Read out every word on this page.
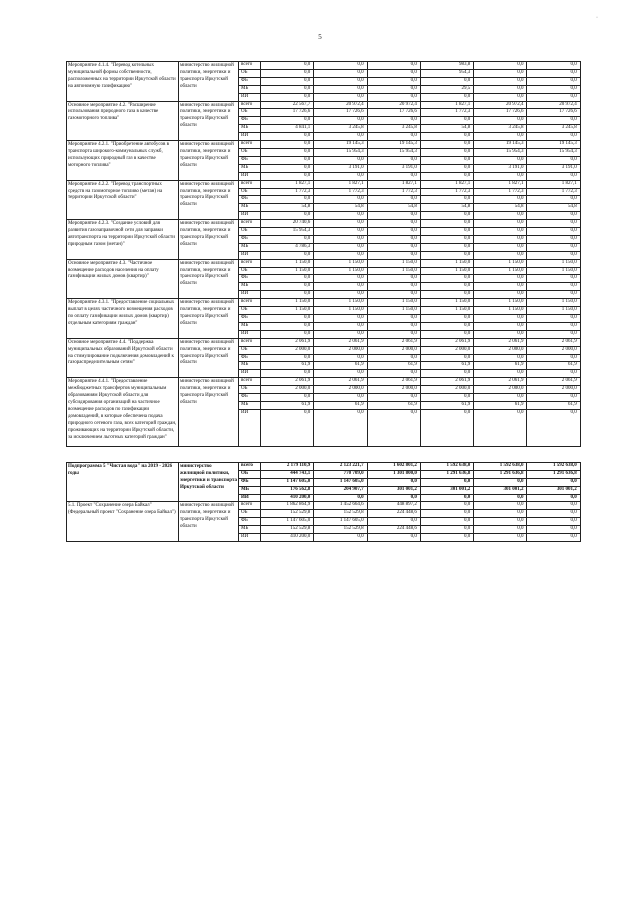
·
5
Мероприятие 4.1.4. "Перевод котельных муниципальной формы собственности, расположенных на территории Иркутской области на автономную газификацию"	министерство жилищной политики, энергетики и транспорта Иркутской области	всего	0,0	0,0	0,0	983,8	0,0	0,0
		ОБ	0,0	0,0	0,0	954,3	0,0	0,0
		ФБ	0,0	0,0	0,0	0,0	0,0	0,0
		МБ	0,0	0,0	0,0	29,5	0,0	0,0
		ИИ	0,0	0,0	0,0	0,0	0,0	0,0
Основное мероприятие 4.2. "Расширение использования природного газа в качестве газомоторного топлива"	министерство жилищной политики, энергетики и транспорта Иркутской области	всего	22 567,7	20 972,4	20 972,4	1 827,1	20 972,4	20 972,4
		ОБ	17 726,6	17 726,6	17 726,6	1 772,3	17 726,6	17 726,6
		ФБ	0,0	0,0	0,0	0,0	0,0	0,0
		МБ	4 841,1	3 245,8	3 245,8	54,8	3 245,8	3 245,8
		ИИ	0,0	0,0	0,0	0,0	0,0	0,0
Мероприятие 4.2.1. "Приобретение автобусов в транспорта широкого-коммунальных служб, использующих природный газ в качестве моторного топлива"	министерство жилищной политики, энергетики и транспорта Иркутской области	всего	0,0	19 145,3	19 145,3	0,0	19 145,3	19 145,3
		ОБ	0,0	15 954,3	15 954,3	0,0	15 954,3	15 954,3
		ФБ	0,0	0,0	0,0	0,0	0,0	0,0
		МБ	0,0	3 191,0	3 191,0	0,0	3 191,0	3 191,0
		ИИ	0,0	0,0	0,0	0,0	0,0	0,0
Мероприятие 4.2.2. "Перевод транспортных средств на газомоторное топливо (метан) на территории Иркутской области"	министерство жилищной политики, энергетики и транспорта Иркутской области	всего	1 827,1	1 827,1	1 827,1	1 827,1	1 827,1	1 827,1
		ОБ	1 772,3	1 772,3	1 772,3	1 772,3	1 772,3	1 772,3
		ФБ	0,0	0,0	0,0	0,0	0,0	0,0
		МБ	54,8	54,8	54,8	54,8	54,8	54,8
		ИИ	0,0	0,0	0,0	0,0	0,0	0,0
Мероприятие 4.2.3. "Создание условий для развития газозаправочной сети для заправки автотранспорта на территории Иркутской области природным газом (метан)"	министерство жилищной политики, энергетики и транспорта Иркутской области	всего	20 740,6	0,0	0,0	0,0	0,0	0,0
		ОБ	15 954,3	0,0	0,0	0,0	0,0	0,0
		ФБ	0,0	0,0	0,0	0,0	0,0	0,0
		МБ	4 786,3	0,0	0,0	0,0	0,0	0,0
		ИИ	0,0	0,0	0,0	0,0	0,0	0,0
Основное мероприятие 4.3. "Частичное возмещение расходов населения на оплату газификации жилых домов (квартир)"	министерство жилищной политики, энергетики и транспорта Иркутской области	всего	1 150,0	1 150,0	1 150,0	1 150,0	1 150,0	1 150,0
		ОБ	1 150,0	1 150,0	1 150,0	1 150,0	1 150,0	1 150,0
		ФБ	0,0	0,0	0,0	0,0	0,0	0,0
		МБ	0,0	0,0	0,0	0,0	0,0	0,0
		ИИ	0,0	0,0	0,0	0,0	0,0	0,0
Мероприятие 4.3.1. "Предоставление социальных выплат в целях частичного возмещения расходов по оплату газификации жилых домов (квартир) отдельным категориям граждан"	министерство жилищной политики, энергетики и транспорта Иркутской области	всего	1 150,0	1 150,0	1 150,0	1 150,0	1 150,0	1 150,0
		ОБ	1 150,0	1 150,0	1 150,0	1 150,0	1 150,0	1 150,0
		ФБ	0,0	0,0	0,0	0,0	0,0	0,0
		МБ	0,0	0,0	0,0	0,0	0,0	0,0
		ИИ	0,0	0,0	0,0	0,0	0,0	0,0
Основное мероприятие 4.4. "Поддержка муниципальных образований Иркутской области на стимулирование подключения домовладений к газораспределительным сетям"	министерство жилищной политики, энергетики и транспорта Иркутской области	всего	2 061,9	2 061,9	2 061,9	2 061,9	2 061,9	2 061,9
		ОБ	2 000,0	2 000,0	2 000,0	2 000,0	2 000,0	2 000,0
		ФБ	0,0	0,0	0,0	0,0	0,0	0,0
		МБ	61,9	61,9	61,9	61,9	61,9	61,9
		ИИ	0,0	0,0	0,0	0,0	0,0	0,0
Мероприятие 4.4.1. "Предоставление межбюджетных трансфертов муниципальным образованиям Иркутской области для субсидирования организаций на частичное возмещение расходов по газификации домовладений, в которые обеспечена подача природного сетевого газа, всех категорий граждан, проживающих на территории Иркутской области, за исключением льготных категорий граждан"	министерство жилищной политики, энергетики и транспорта Иркутской области	всего	2 061,9	2 061,9	2 061,9	2 061,9	2 061,9	2 061,9
		ОБ	2 000,0	2 000,0	2 000,0	2 000,0	2 000,0	2 000,0
		ФБ	0,0	0,0	0,0	0,0	0,0	0,0
		МБ	61,9	61,9	61,9	61,9	61,9	61,9
		ИИ	0,0	0,0	0,0	0,0	0,0	0,0

Подпрограмма 5 "Чистая вода" на 2019 - 2026 годы	министерство жилищной политики, энергетики и транспорта Иркутской области	всего	2 179 110,9	2 123 221,7	1 602 801,2	1 592 638,0	1 592 638,0	1 592 638,0
		ОБ	444 743,1	770 709,0	1 301 800,0	1 291 636,8	1 291 636,8	1 291 636,8
		ФБ	1 147 605,0	1 147 605,0	0,0	0,0	0,0	0,0
		МБ	176 562,8	204 907,7	301 001,2	301 001,2	301 001,2	301 001,2
		ИИ	410 200,0	0,0	0,0	0,0	0,0	0,0
5.1. Проект "Сохранение озера Байкал" (Федеральный проект "Сохранение озера Байкал")	министерство жилищной политики, энергетики и транспорта Иркутской области	всего	1 862 864,9	1 452 664,6	448 897,2	0,0	0,0	0,0
		ОБ	152 529,8	152 529,8	224 448,6	0,0	0,0	0,0
		ФБ	1 147 605,0	1 147 605,0	0,0	0,0	0,0	0,0
		МБ	152 529,8	152 529,8	224 448,6	0,0	0,0	0,0
		ИИ	410 200,0	0,0	0,0	0,0	0,0	0,0
